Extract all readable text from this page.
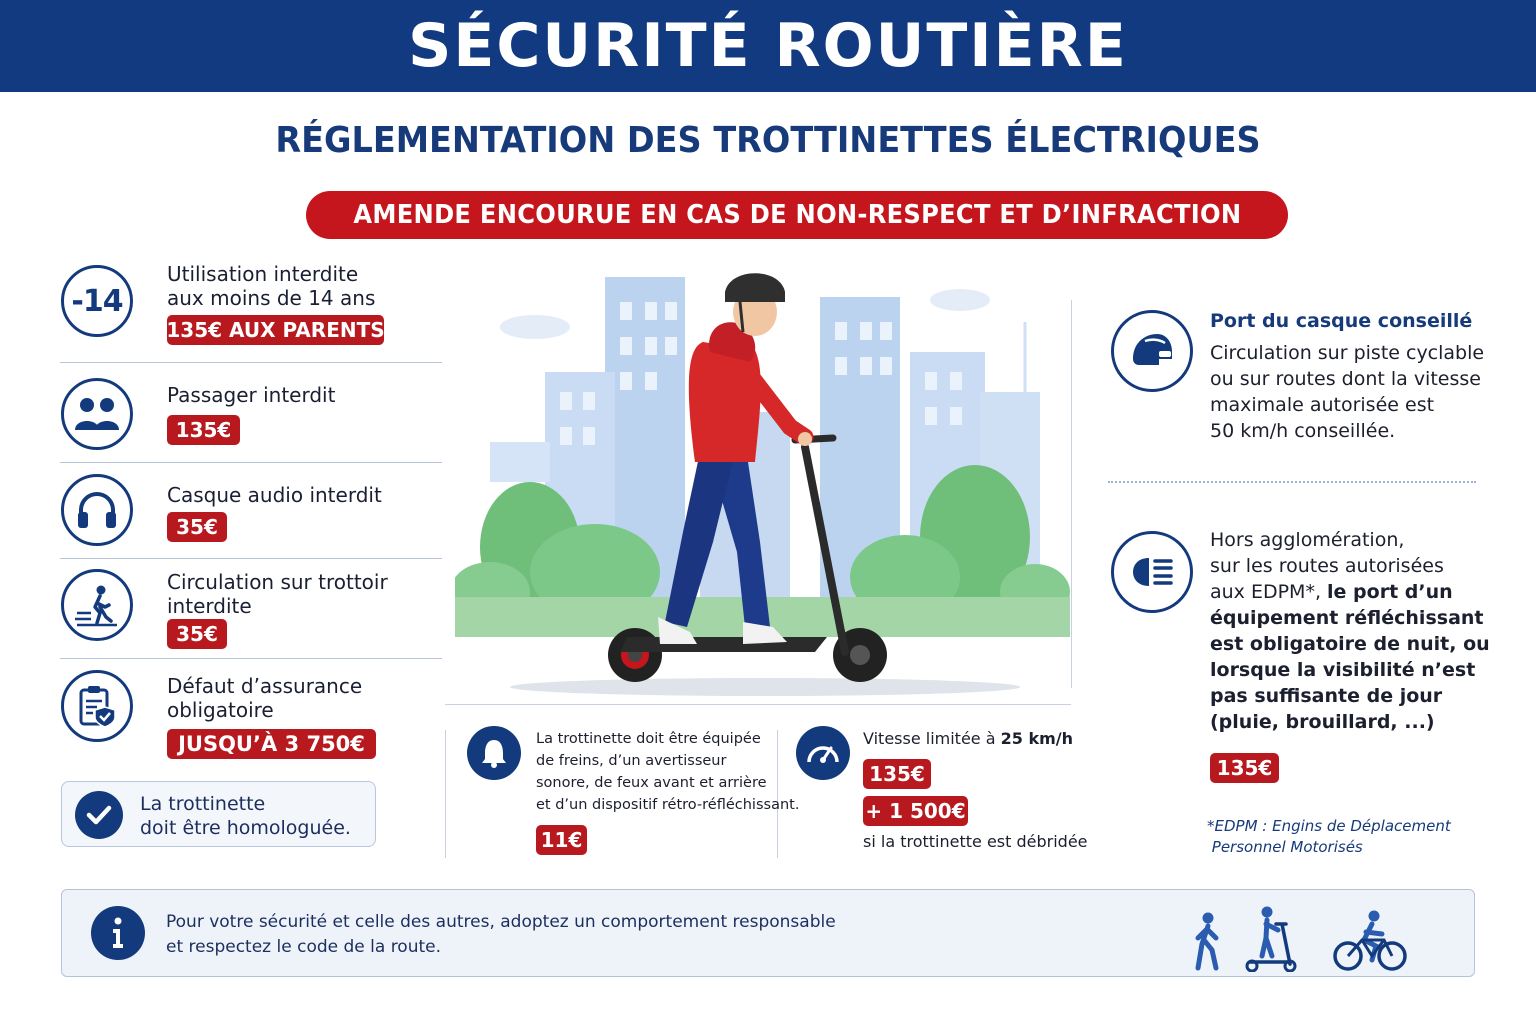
SÉCURITÉ ROUTIÈRE
RÉGLEMENTATION DES TROTTINETTES ÉLECTRIQUES
AMENDE ENCOURUE EN CAS DE NON-RESPECT ET D’INFRACTION
-14
Utilisation interdite
aux moins de 14 ans
135€ AUX PARENTS
Passager interdit
135€
Casque audio interdit
35€
Circulation sur trottoir
interdite
35€
Défaut d’assurance
obligatoire
JUSQU’À 3 750€
La trottinette
doit être homologuée.
La trottinette doit être équipée
de freins, d’un avertisseur
sonore, de feux avant et arrière
et d’un dispositif rétro-réfléchissant.
11€
Vitesse limitée à 25 km/h
135€
+ 1 500€
si la trottinette est débridée
Port du casque conseillé
Circulation sur piste cyclable
ou sur routes dont la vitesse
maximale autorisée est
50 km/h conseillée.
Hors agglomération,
sur les routes autorisées
aux EDPM*, le port d’un
équipement réfléchissant
est obligatoire de nuit, ou
lorsque la visibilité n’est
pas suffisante de jour
(pluie, brouillard, ...)
135€
*EDPM : Engins de Déplacement
Personnel Motorisés
Pour votre sécurité et celle des autres, adoptez un comportement responsable
et respectez le code de la route.
